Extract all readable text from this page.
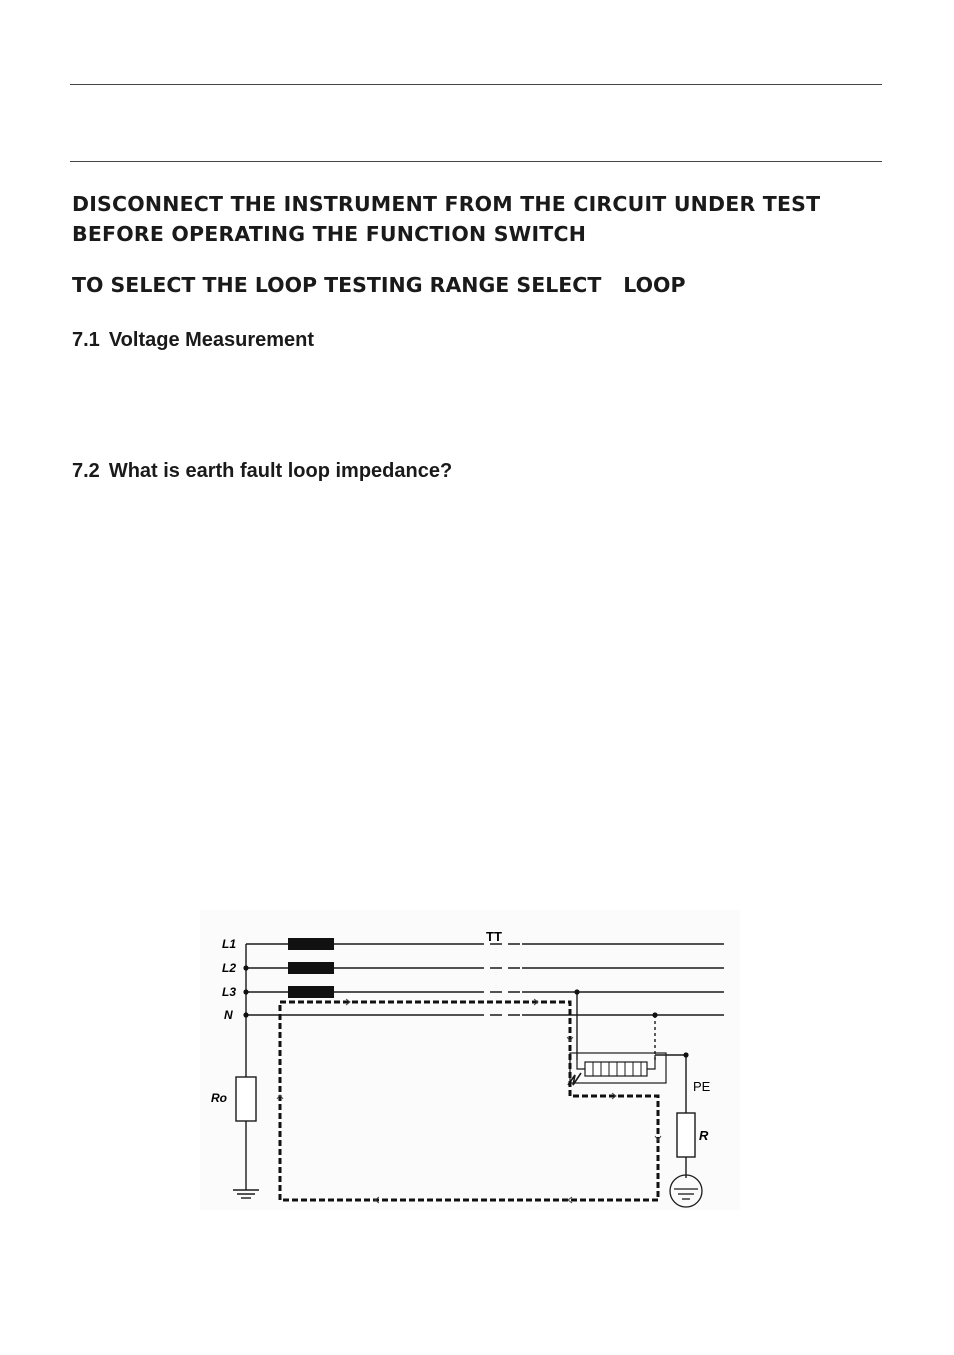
DISCONNECT THE INSTRUMENT FROM THE CIRCUIT UNDER TEST
BEFORE OPERATING THE FUNCTION SWITCH
TO SELECT THE LOOP TESTING RANGE SELECT LOOP
7.1 Voltage Measurement
7.2 What is earth fault loop impedance?
L1
L2
L3
N
TT
Ro
PE
R
